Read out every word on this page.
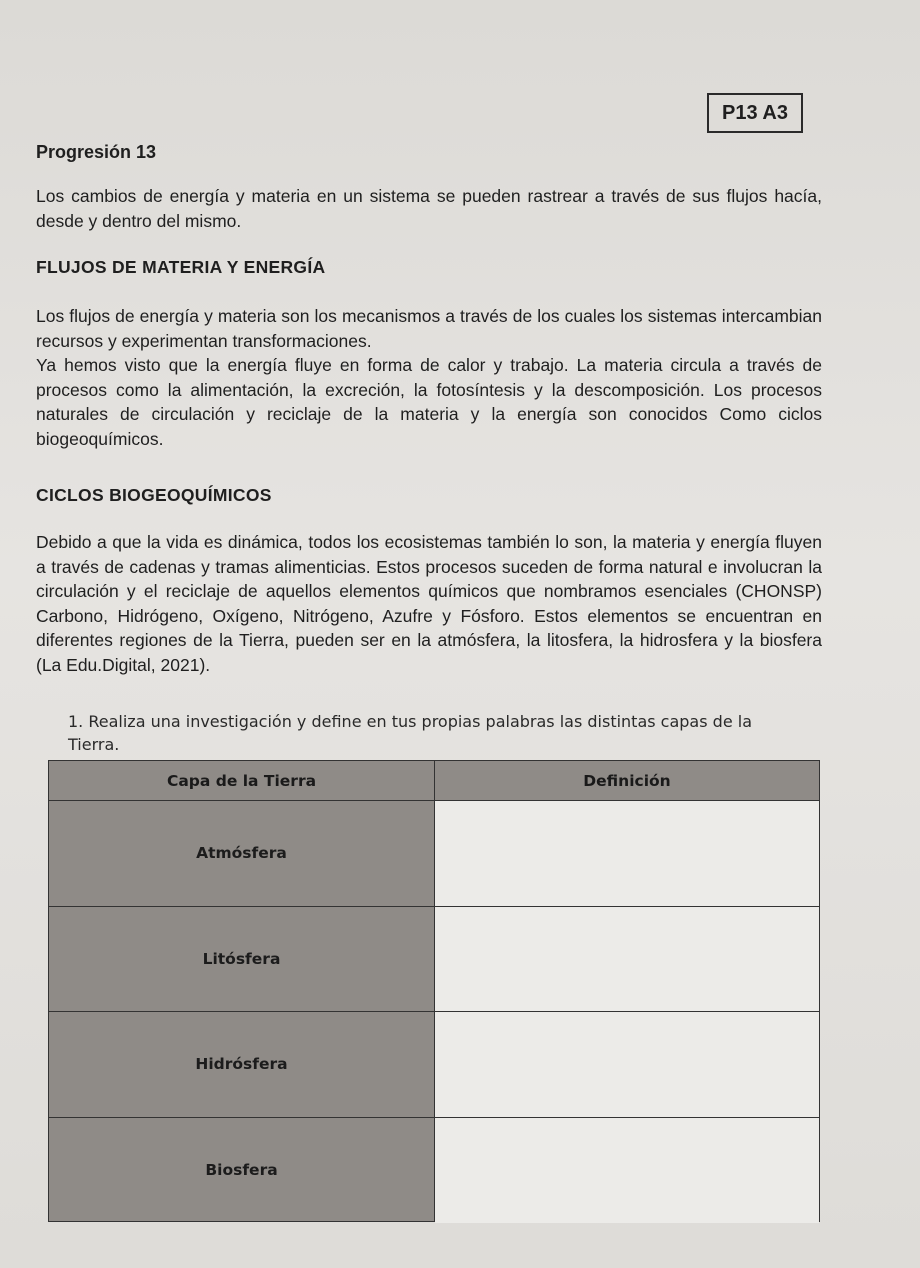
P13 A3
Progresión 13
Los cambios de energía y materia en un sistema se pueden rastrear a través de sus flujos hacía, desde y dentro del mismo.
FLUJOS DE MATERIA Y ENERGÍA
Los flujos de energía y materia son los mecanismos a través de los cuales los sistemas intercambian recursos y experimentan transformaciones.
Ya hemos visto que la energía fluye en forma de calor y trabajo. La materia circula a través de procesos como la alimentación, la excreción, la fotosíntesis y la descomposición. Los procesos naturales de circulación y reciclaje de la materia y la energía son conocidos Como ciclos biogeoquímicos.
CICLOS BIOGEOQUÍMICOS
Debido a que la vida es dinámica, todos los ecosistemas también lo son, la materia y energía fluyen a través de cadenas y tramas alimenticias. Estos procesos suceden de forma natural e involucran la circulación y el reciclaje de aquellos elementos químicos que nombramos esenciales (CHONSP) Carbono, Hidrógeno, Oxígeno, Nitrógeno, Azufre y Fósforo. Estos elementos se encuentran en diferentes regiones de la Tierra, pueden ser en la atmósfera, la litosfera, la hidrosfera y la biosfera (La Edu.Digital, 2021).
1. Realiza una investigación y define en tus propias palabras las distintas capas de la Tierra.
Capa de la Tierra
Atmósfera
Litósfera
Hidrósfera
Biosfera
Definición
